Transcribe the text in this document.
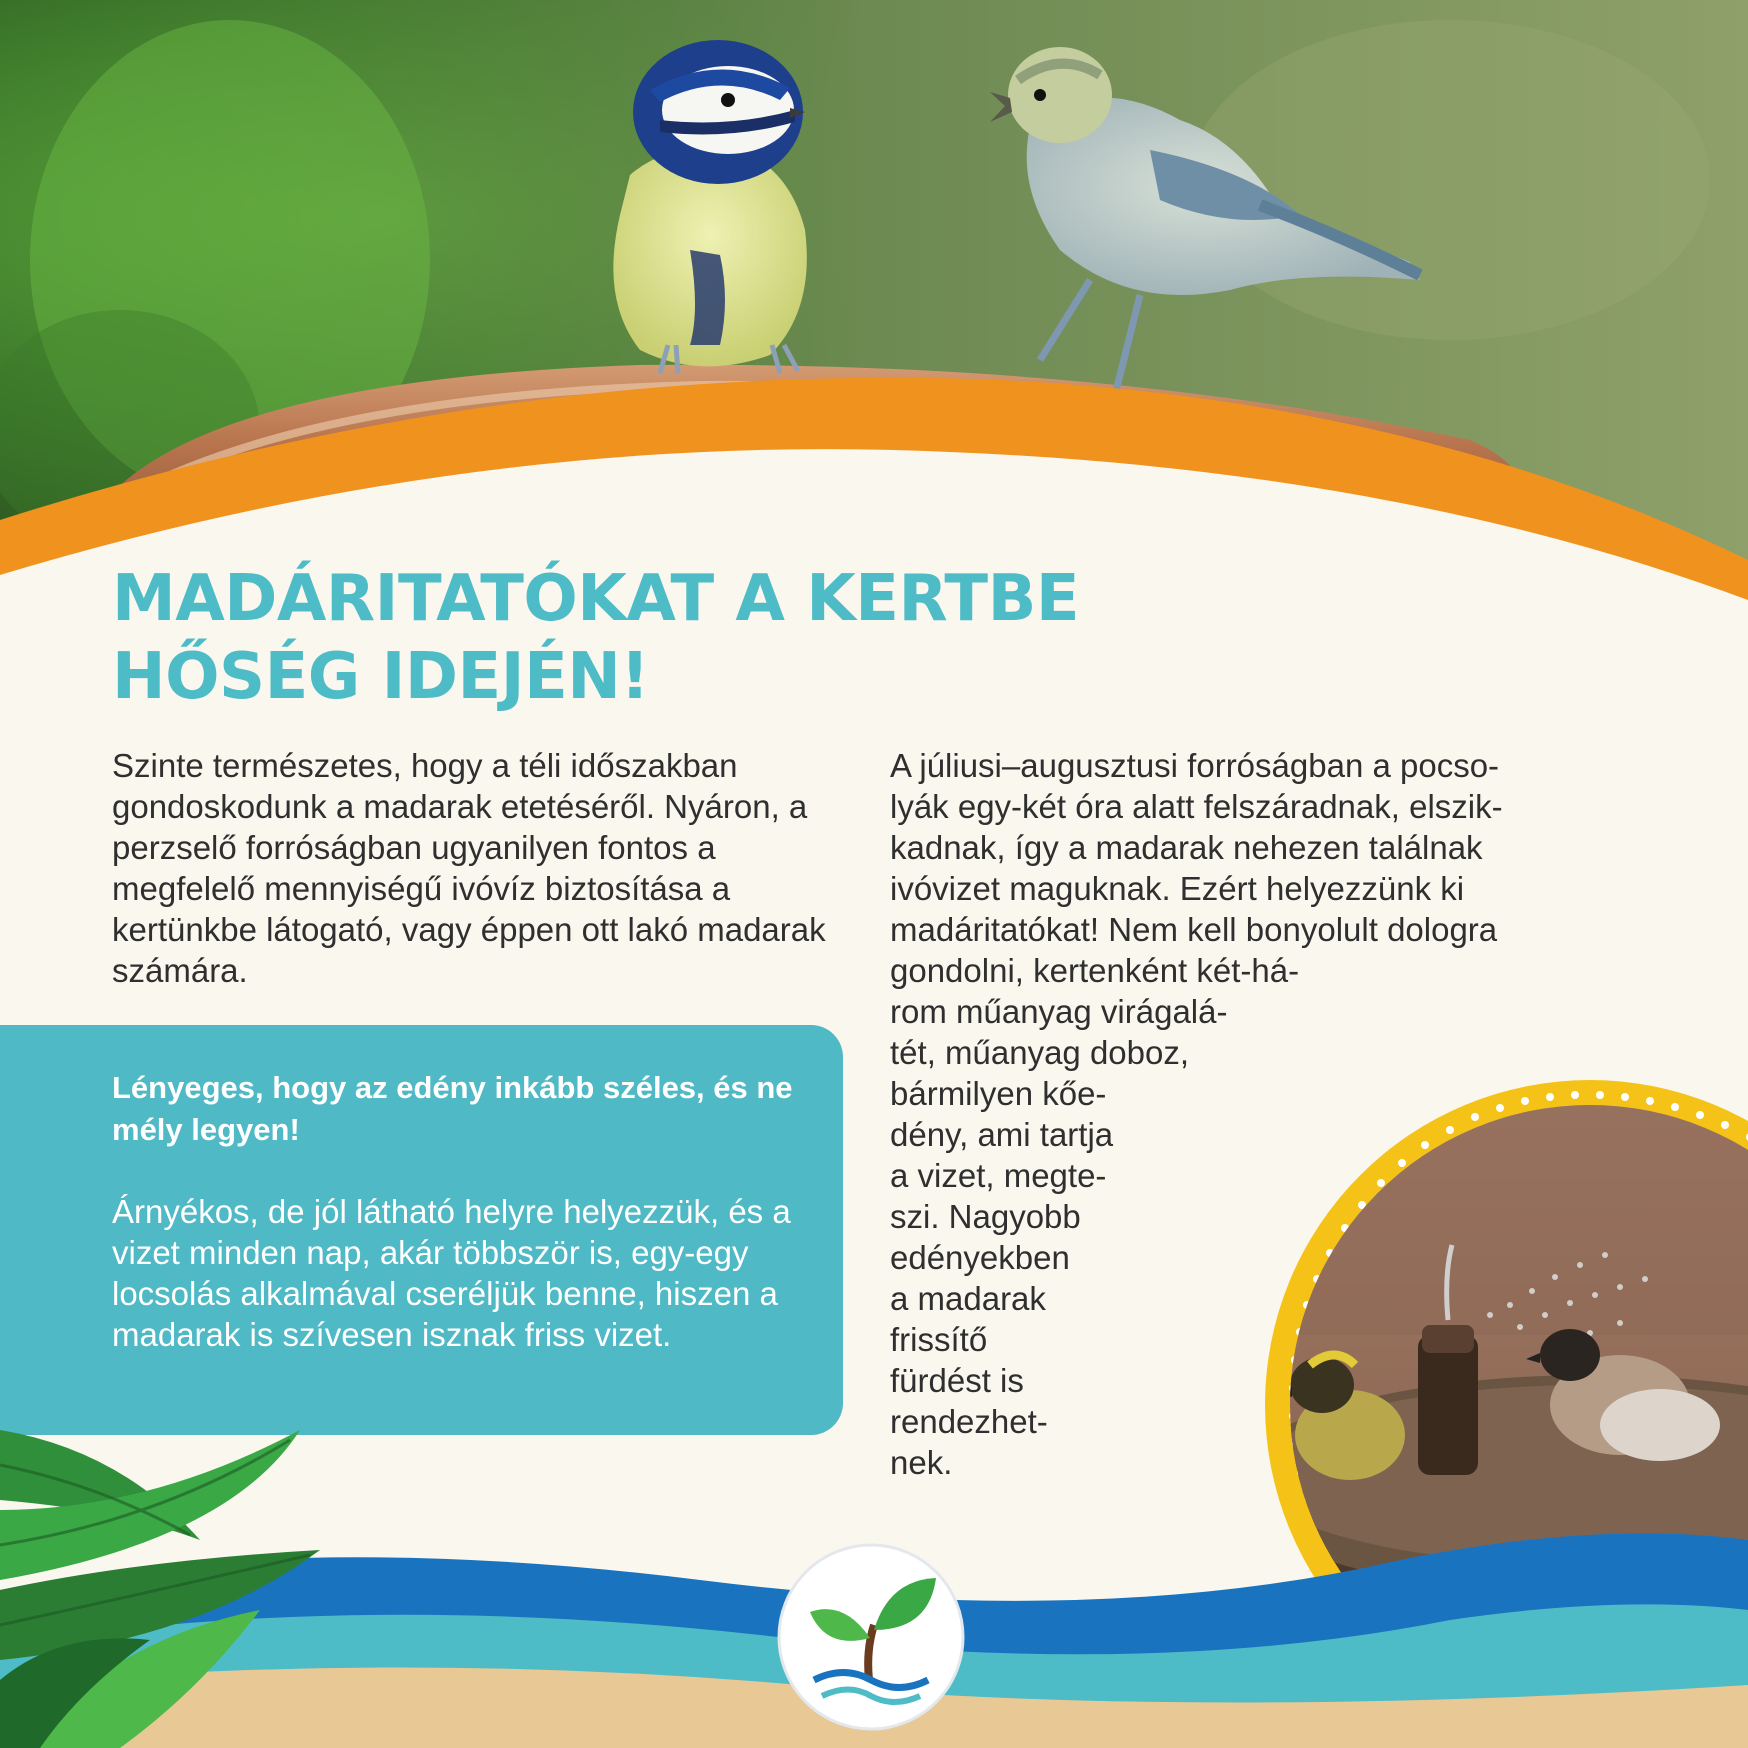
MADÁRITATÓKAT A KERTBE
HŐSÉG IDEJÉN!

Szinte természetes, hogy a téli időszakban gondoskodunk a madarak etetéséről. Nyáron, a perzselő forróságban ugyanilyen fontos a megfelelő mennyiségű ivóvíz biztosítása a kertünkbe látogató, vagy éppen ott lakó madarak számára.

Lényeges, hogy az edény inkább széles, és ne mély legyen!

Árnyékos, de jól látható helyre helyezzük, és a vizet minden nap, akár többször is, egy-egy locsolás alkalmával cseréljük benne, hiszen a madarak is szívesen isznak friss vizet.

A júliusi–augusztusi forróságban a pocso-
lyák egy-két óra alatt felszáradnak, elszik-
kadnak, így a madarak nehezen találnak
ivóvizet maguknak. Ezért helyezzünk ki
madáritatókat! Nem kell bonyolult dologra
gondolni, kertenként két-há-
rom műanyag virágalá-
tét, műanyag doboz,
bármilyen kőe-
dény, ami tartja
a vizet, megte-
szi. Nagyobb
edényekben
a madarak
frissítő
fürdést is
rendezhet-
nek.
